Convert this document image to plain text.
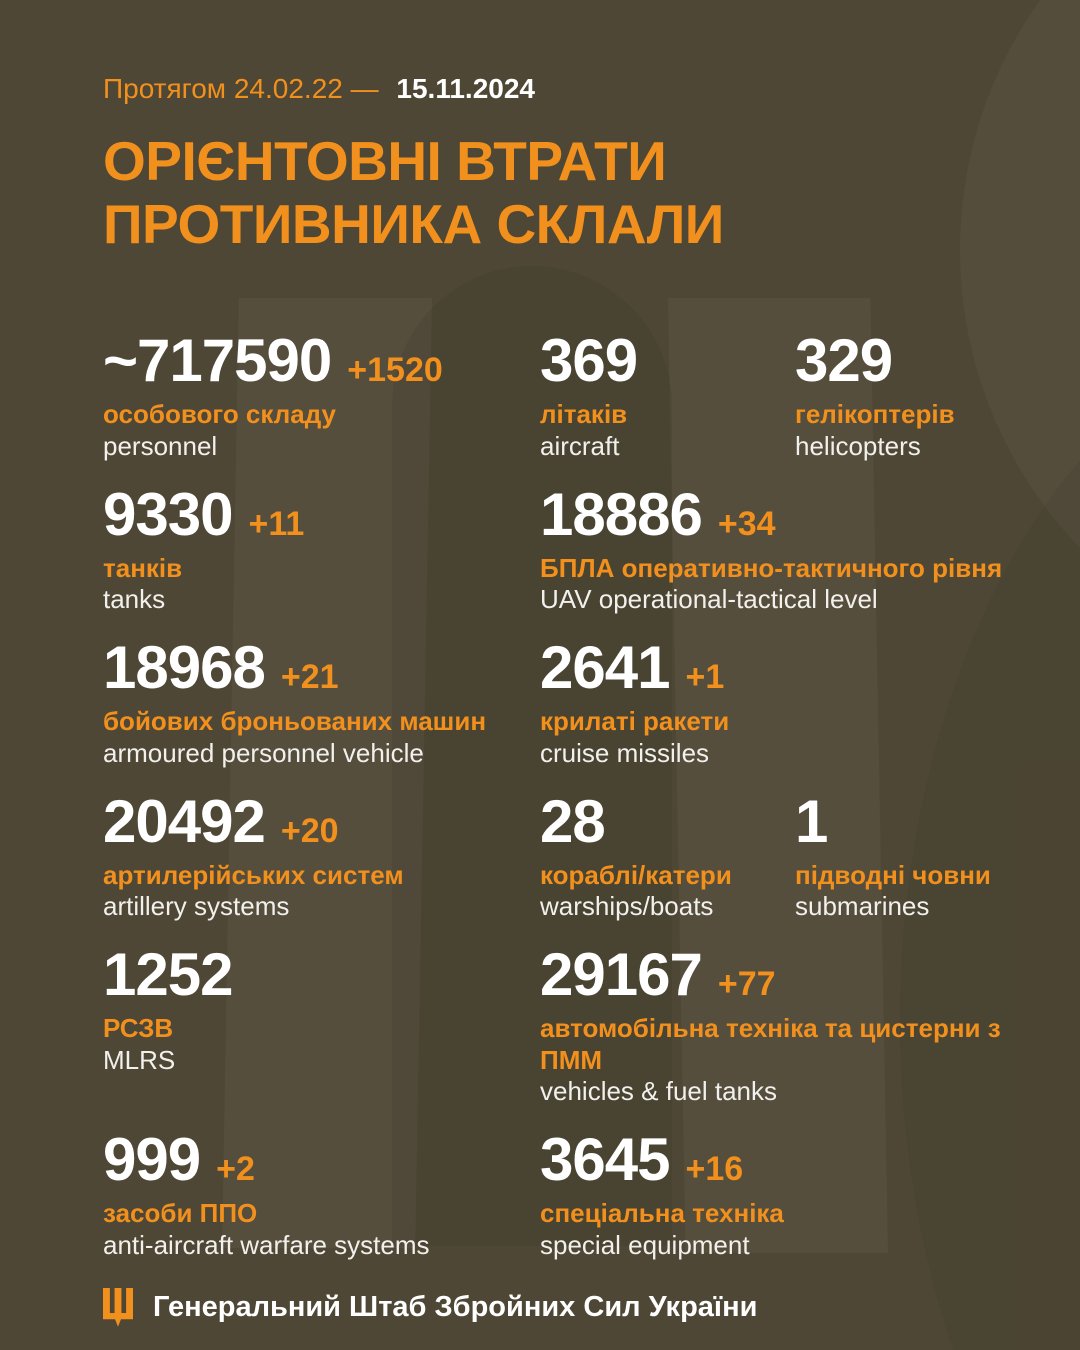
Протягом 24.02.22 — 15.11.2024
ОРІЄНТОВНІ ВТРАТИ
ПРОТИВНИКА СКЛАЛИ
~717590 +1520
особового складу
personnel
369
літаків
aircraft
329
гелікоптерів
helicopters
9330 +11
танків
tanks
18886 +34
БПЛА оперативно-тактичного рівня
UAV operational-tactical level
18968 +21
бойових броньованих машин
armoured personnel vehicle
2641 +1
крилаті ракети
cruise missiles
20492 +20
артилерійських систем
artillery systems
28
кораблі/катери
warships/boats
1
підводні човни
submarines
1252
РСЗВ
MLRS
29167 +77
автомобільна техніка та цистерни з ПММ
vehicles & fuel tanks
999 +2
засоби ППО
anti-aircraft warfare systems
3645 +16
спеціальна техніка
special equipment
Генеральний Штаб Збройних Сил України
